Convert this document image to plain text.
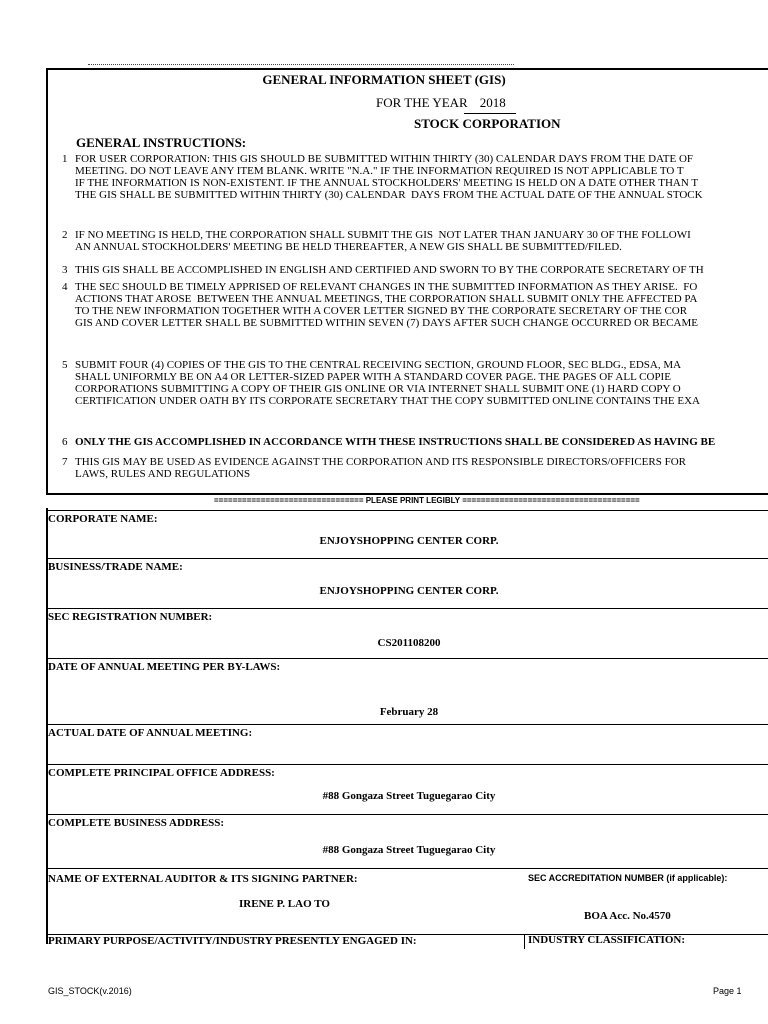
GENERAL INFORMATION SHEET (GIS)
FOR THE YEAR 2018
STOCK CORPORATION
GENERAL INSTRUCTIONS:
1 FOR USER CORPORATION: THIS GIS SHOULD BE SUBMITTED WITHIN THIRTY (30) CALENDAR DAYS FROM THE DATE OF
MEETING. DO NOT LEAVE ANY ITEM BLANK. WRITE "N.A." IF THE INFORMATION REQUIRED IS NOT APPLICABLE TO T
IF THE INFORMATION IS NON-EXISTENT. IF THE ANNUAL STOCKHOLDERS' MEETING IS HELD ON A DATE OTHER THAN T
THE GIS SHALL BE SUBMITTED WITHIN THIRTY (30) CALENDAR  DAYS FROM THE ACTUAL DATE OF THE ANNUAL STOCK
2 IF NO MEETING IS HELD, THE CORPORATION SHALL SUBMIT THE GIS  NOT LATER THAN JANUARY 30 OF THE FOLLOWI
AN ANNUAL STOCKHOLDERS' MEETING BE HELD THEREAFTER, A NEW GIS SHALL BE SUBMITTED/FILED.
3 THIS GIS SHALL BE ACCOMPLISHED IN ENGLISH AND CERTIFIED AND SWORN TO BY THE CORPORATE SECRETARY OF TH
4 THE SEC SHOULD BE TIMELY APPRISED OF RELEVANT CHANGES IN THE SUBMITTED INFORMATION AS THEY ARISE.  FO
ACTIONS THAT AROSE  BETWEEN THE ANNUAL MEETINGS, THE CORPORATION SHALL SUBMIT ONLY THE AFFECTED PA
TO THE NEW INFORMATION TOGETHER WITH A COVER LETTER SIGNED BY THE CORPORATE SECRETARY OF THE COR
GIS AND COVER LETTER SHALL BE SUBMITTED WITHIN SEVEN (7) DAYS AFTER SUCH CHANGE OCCURRED OR BECAME
5 SUBMIT FOUR (4) COPIES OF THE GIS TO THE CENTRAL RECEIVING SECTION, GROUND FLOOR, SEC BLDG., EDSA, MA
SHALL UNIFORMLY BE ON A4 OR LETTER-SIZED PAPER WITH A STANDARD COVER PAGE. THE PAGES OF ALL COPIE
CORPORATIONS SUBMITTING A COPY OF THEIR GIS ONLINE OR VIA INTERNET SHALL SUBMIT ONE (1) HARD COPY O
CERTIFICATION UNDER OATH BY ITS CORPORATE SECRETARY THAT THE COPY SUBMITTED ONLINE CONTAINS THE EXA
6 ONLY THE GIS ACCOMPLISHED IN ACCORDANCE WITH THESE INSTRUCTIONS SHALL BE CONSIDERED AS HAVING BE
7 THIS GIS MAY BE USED AS EVIDENCE AGAINST THE CORPORATION AND ITS RESPONSIBLE DIRECTORS/OFFICERS FOR
LAWS, RULES AND REGULATIONS
================================ PLEASE PRINT LEGIBLY ======================================
CORPORATE NAME:
ENJOYSHOPPING CENTER CORP.
BUSINESS/TRADE NAME:
ENJOYSHOPPING CENTER CORP.
SEC REGISTRATION NUMBER:
CS201108200
DATE OF ANNUAL MEETING PER BY-LAWS:
February 28
ACTUAL DATE OF ANNUAL MEETING:
COMPLETE PRINCIPAL OFFICE ADDRESS:
#88 Gongaza Street Tuguegarao City
COMPLETE BUSINESS ADDRESS:
#88 Gongaza Street Tuguegarao City
NAME OF EXTERNAL AUDITOR & ITS SIGNING PARTNER:	SEC ACCREDITATION NUMBER (if applicable):
IRENE P. LAO TO
BOA Acc. No.4570
PRIMARY PURPOSE/ACTIVITY/INDUSTRY PRESENTLY ENGAGED IN:	INDUSTRY CLASSIFICATION:
GIS_STOCK(v.2016)	Page 1
